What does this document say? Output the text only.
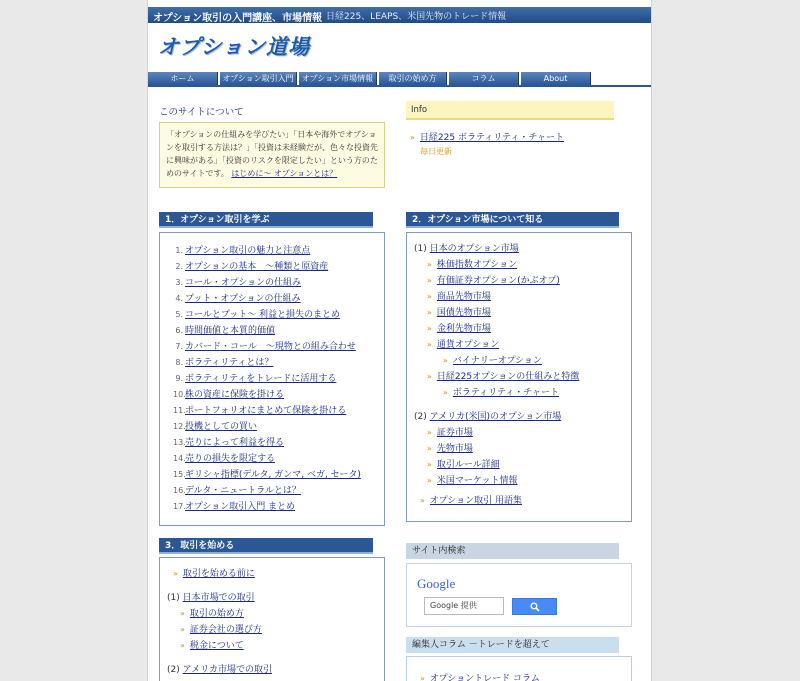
オプション取引の入門講座、市場情報 日経225、LEAPS、米国先物のトレード情報
オプション道場
ホーム	オプション取引入門	オプション市場情報	取引の始め方	コラム	About
このサイトについて
「オプションの仕組みを学びたい」「日本や海外でオプションを取引する方法は？」「投資は未経験だが、色々な投資先に興味がある」「投資のリスクを限定したい」という方のためのサイトです。 はじめに～ オプションとは？
Info
» 日経225 ボラティリティ・チャート
毎日更新
1．オプション取引を学ぶ
1. オプション取引の魅力と注意点
2. オプションの基本　～種類と原資産
3. コール・オプションの仕組み
4. プット・オプションの仕組み
5. コールとプット～ 利益と損失のまとめ
6. 時間価値と本質的価値
7. カバード・コール　～現物との組み合わせ
8. ボラティリティとは？
9. ボラティリティをトレードに活用する
10.株の資産に保険を掛ける
11.ポートフォリオにまとめて保険を掛ける
12.投機としての買い
13.売りによって利益を得る
14.売りの損失を限定する
15.ギリシャ指標(デルタ, ガンマ, ベガ, セータ)
16.デルタ・ニュートラルとは？
17.オプション取引入門 まとめ
2．オプション市場について知る
(1) 日本のオプション市場
» 株価指数オプション
» 有価証券オプション(かぶオプ)
» 商品先物市場
» 国債先物市場
» 金利先物市場
» 通貨オプション
» バイナリーオプション
» 日経225オプションの仕組みと特徴
» ボラティリティ・チャート
(2) アメリカ(米国)のオプション市場
» 証券市場
» 先物市場
» 取引ルール詳細
» 米国マーケット情報
» オプション取引 用語集
3．取引を始める
» 取引を始める前に
(1) 日本市場での取引
» 取引の始め方
» 証券会社の選び方
» 税金について
(2) アメリカ市場での取引
サイト内検索
Google
Google 提供
編集人コラム －トレードを超えて
» オプショントレード コラム
